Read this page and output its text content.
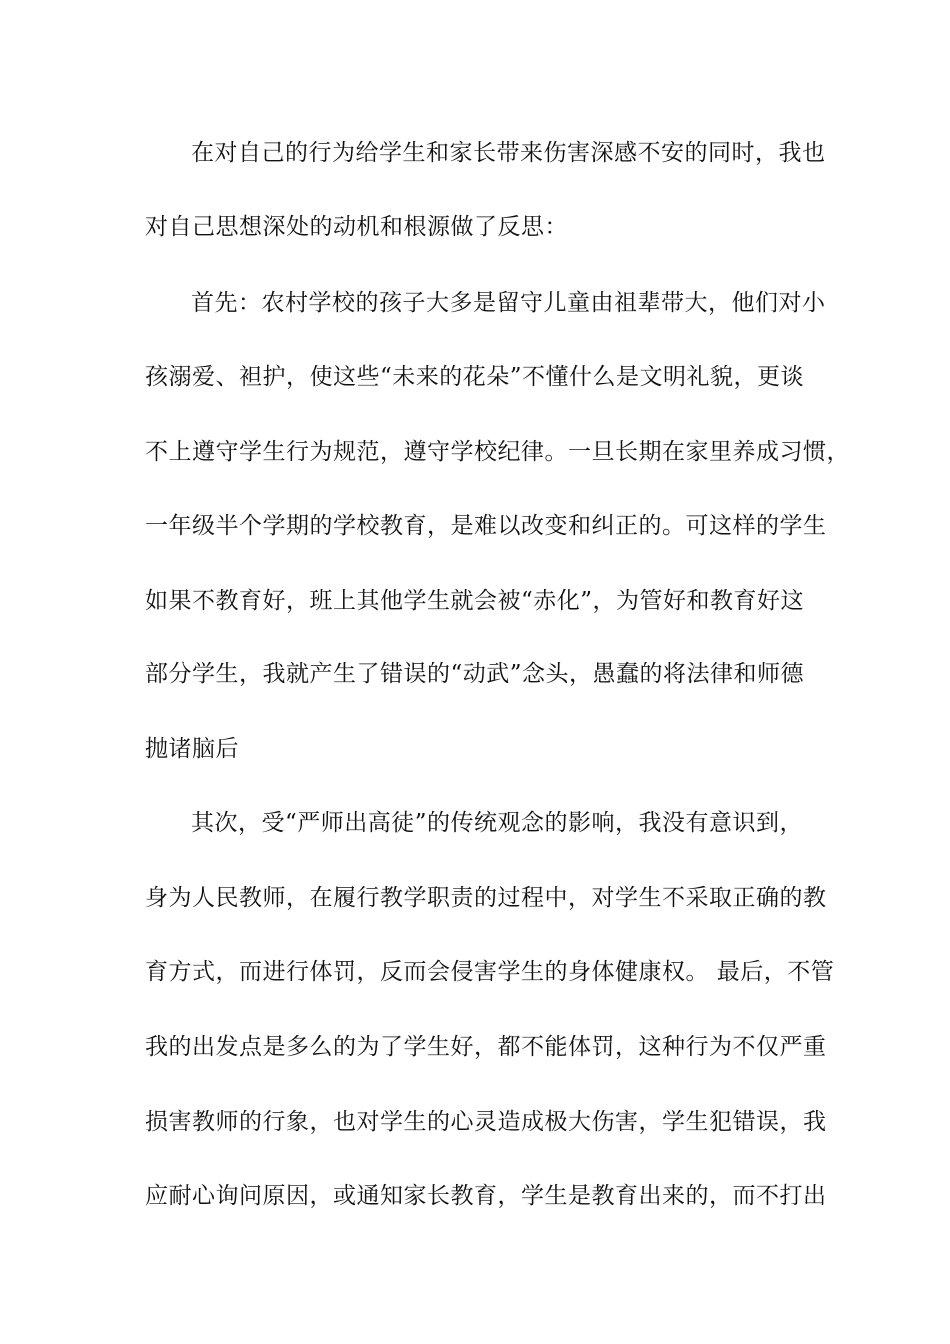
在对自己的行为给学生和家长带来伤害深感不安的同时，我也
对自己思想深处的动机和根源做了反思：
首先：农村学校的孩子大多是留守儿童由祖辈带大，他们对小
孩溺爱、袒护，使这些“未来的花朵”不懂什么是文明礼貌，更谈
不上遵守学生行为规范，遵守学校纪律。一旦长期在家里养成习惯，
一年级半个学期的学校教育，是难以改变和纠正的。可这样的学生
如果不教育好，班上其他学生就会被“赤化”，为管好和教育好这
部分学生，我就产生了错误的“动武”念头，愚蠢的将法律和师德
抛诸脑后
其次，受“严师出高徒”的传统观念的影响，我没有意识到，
身为人民教师，在履行教学职责的过程中，对学生不采取正确的教
育方式，而进行体罚，反而会侵害学生的身体健康权。 最后，不管
我的出发点是多么的为了学生好，都不能体罚，这种行为不仅严重
损害教师的行象，也对学生的心灵造成极大伤害，学生犯错误，我
应耐心询问原因，或通知家长教育，学生是教育出来的，而不打出
